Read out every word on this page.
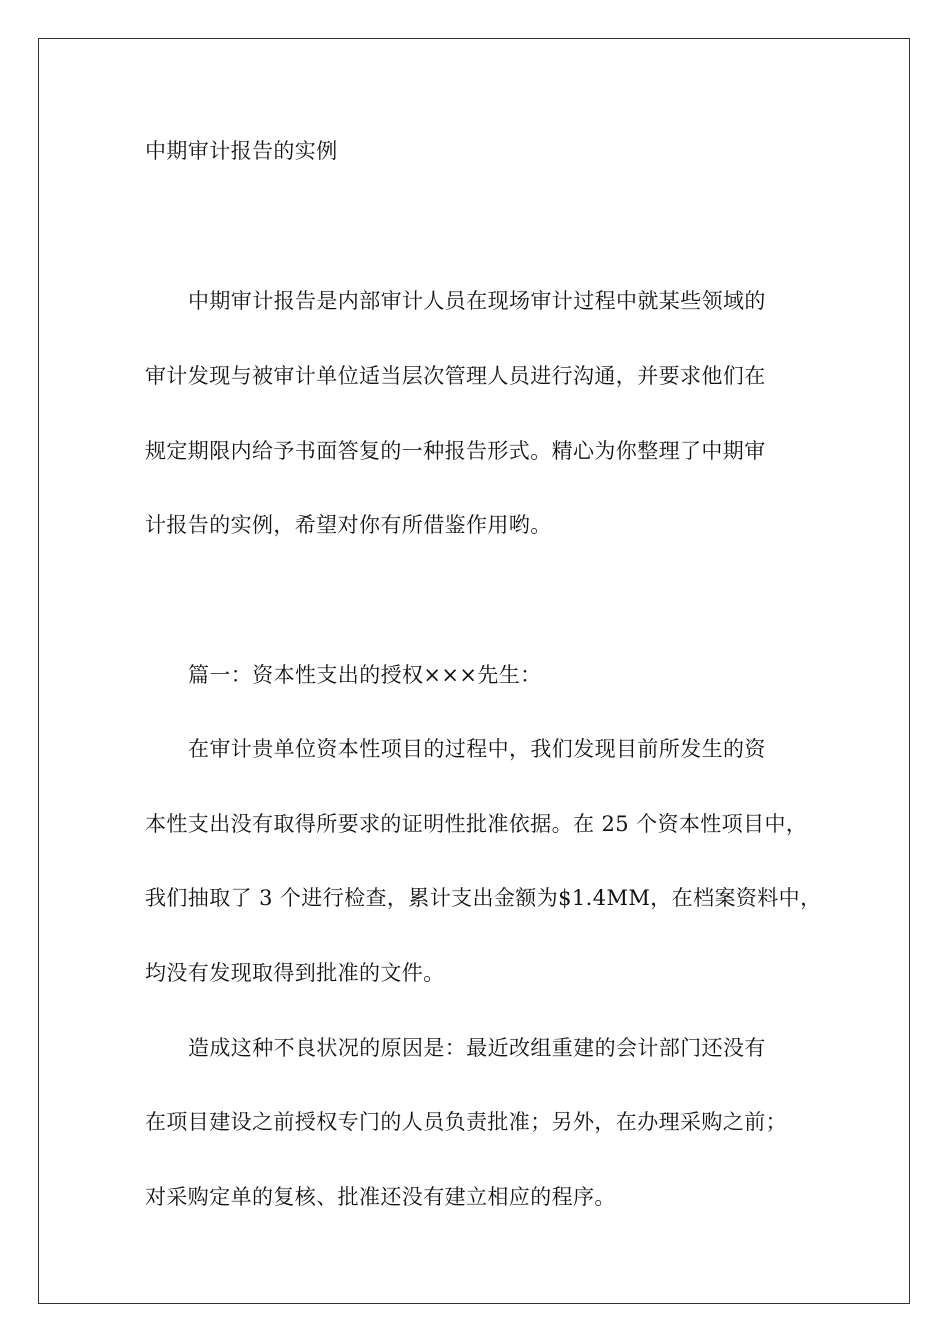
中期审计报告的实例
中期审计报告是内部审计人员在现场审计过程中就某些领域的
审计发现与被审计单位适当层次管理人员进行沟通，并要求他们在
规定期限内给予书面答复的一种报告形式。精心为你整理了中期审
计报告的实例，希望对你有所借鉴作用哟。
篇一：资本性支出的授权×××先生：
在审计贵单位资本性项目的过程中，我们发现目前所发生的资
本性支出没有取得所要求的证明性批准依据。在 25 个资本性项目中，
我们抽取了 3 个进行检查，累计支出金额为$1.4MM，在档案资料中，
均没有发现取得到批准的文件。
造成这种不良状况的原因是：最近改组重建的会计部门还没有
在项目建设之前授权专门的人员负责批准；另外，在办理采购之前；
对采购定单的复核、批准还没有建立相应的程序。
